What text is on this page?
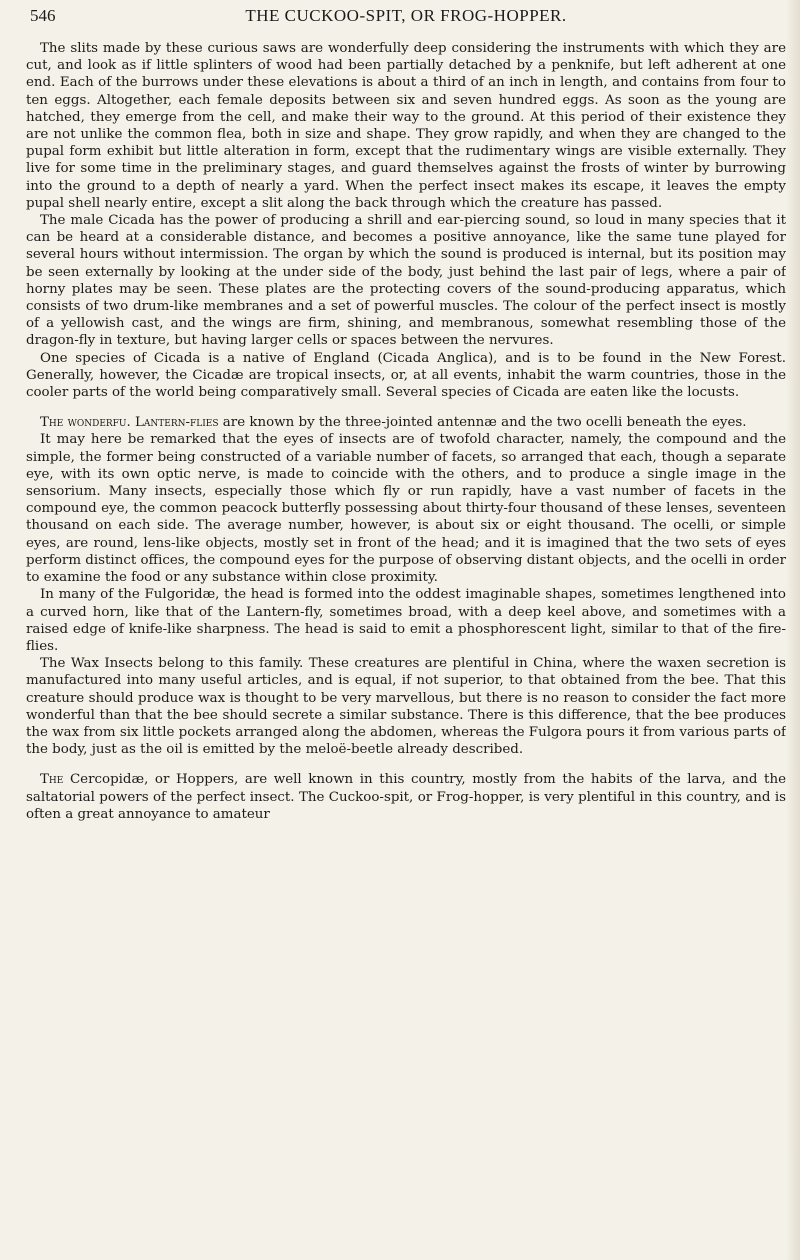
546	THE CUCKOO-SPIT, OR FROG-HOPPER.

The slits made by these curious saws are wonderfully deep considering the instruments with which they are cut, and look as if little splinters of wood had been partially detached by a penknife, but left adherent at one end. Each of the burrows under these elevations is about a third of an inch in length, and contains from four to ten eggs. Altogether, each female deposits between six and seven hundred eggs. As soon as the young are hatched, they emerge from the cell, and make their way to the ground. At this period of their existence they are not unlike the common flea, both in size and shape. They grow rapidly, and when they are changed to the pupal form exhibit but little alteration in form, except that the rudimentary wings are visible externally. They live for some time in the preliminary stages, and guard themselves against the frosts of winter by burrowing into the ground to a depth of nearly a yard. When the perfect insect makes its escape, it leaves the empty pupal shell nearly entire, except a slit along the back through which the creature has passed.

The male Cicada has the power of producing a shrill and ear-piercing sound, so loud in many species that it can be heard at a considerable distance, and becomes a positive annoyance, like the same tune played for several hours without intermission. The organ by which the sound is produced is internal, but its position may be seen externally by looking at the under side of the body, just behind the last pair of legs, where a pair of horny plates may be seen. These plates are the protecting covers of the sound-producing apparatus, which consists of two drum-like membranes and a set of powerful muscles. The colour of the perfect insect is mostly of a yellowish cast, and the wings are firm, shining, and membranous, somewhat resembling those of the dragon-fly in texture, but having larger cells or spaces between the nervures.

One species of Cicada is a native of England (Cicada Anglica), and is to be found in the New Forest. Generally, however, the Cicadæ are tropical insects, or, at all events, inhabit the warm countries, those in the cooler parts of the world being comparatively small. Several species of Cicada are eaten like the locusts.

The wonderfu. Lantern-flies are known by the three-jointed antennæ and the two ocelli beneath the eyes.

It may here be remarked that the eyes of insects are of twofold character, namely, the compound and the simple, the former being constructed of a variable number of facets, so arranged that each, though a separate eye, with its own optic nerve, is made to coincide with the others, and to produce a single image in the sensorium. Many insects, especially those which fly or run rapidly, have a vast number of facets in the compound eye, the common peacock butterfly possessing about thirty-four thousand of these lenses, seventeen thousand on each side. The average number, however, is about six or eight thousand. The ocelli, or simple eyes, are round, lens-like objects, mostly set in front of the head; and it is imagined that the two sets of eyes perform distinct offices, the compound eyes for the purpose of observing distant objects, and the ocelli in order to examine the food or any substance within close proximity.

In many of the Fulgoridæ, the head is formed into the oddest imaginable shapes, sometimes lengthened into a curved horn, like that of the Lantern-fly, sometimes broad, with a deep keel above, and sometimes with a raised edge of knife-like sharpness. The head is said to emit a phosphorescent light, similar to that of the fire-flies.

The Wax Insects belong to this family. These creatures are plentiful in China, where the waxen secretion is manufactured into many useful articles, and is equal, if not superior, to that obtained from the bee. That this creature should produce wax is thought to be very marvellous, but there is no reason to consider the fact more wonderful than that the bee should secrete a similar substance. There is this difference, that the bee produces the wax from six little pockets arranged along the abdomen, whereas the Fulgora pours it from various parts of the body, just as the oil is emitted by the meloë-beetle already described.

The Cercopidæ, or Hoppers, are well known in this country, mostly from the habits of the larva, and the saltatorial powers of the perfect insect. The Cuckoo-spit, or Frog-hopper, is very plentiful in this country, and is often a great annoyance to amateur
